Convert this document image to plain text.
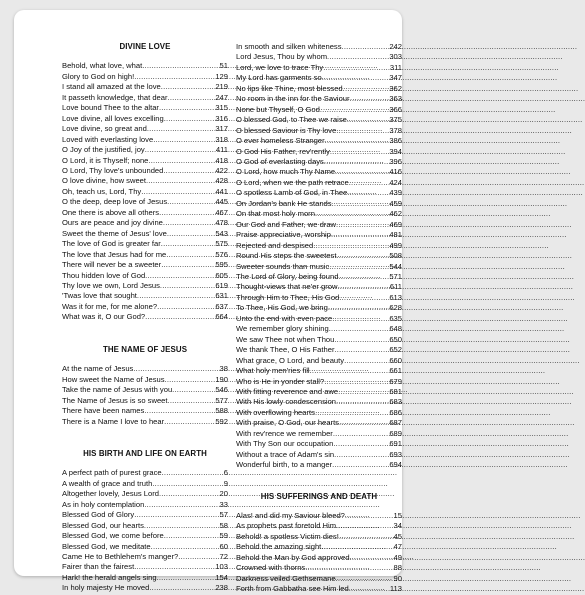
DIVINE LOVE
Behold, what love, what .....	51
Glory to God on high! .....	129
I stand all amazed at the love .....	219
It passeth knowledge, that dear .....	247
Love bound Thee to the altar .....	315
Love divine, all loves excelling .....	316
Love divine, so great and .....	317
Loved with everlasting love .....	318
O Joy of the justified, joy .....	411
O Lord, it is Thyself; none .....	418
O Lord, Thy love's unbounded .....	422
O love divine, how sweet .....	428
Oh, teach us, Lord, Thy .....	441
O the deep, deep love of Jesus .....	445
One there is above all others .....	467
Ours are peace and joy divine .....	478
Sweet the theme of Jesus' love .....	543
The love of God is greater far .....	575
The love that Jesus had for me .....	576
There will never be a sweeter .....	595
Thou hidden love of God .....	605
Thy love we own, Lord Jesus .....	619
'Twas love that sought .....	631
Was it for me, for me alone? .....	637
What was it, O our God? .....	664
THE NAME OF JESUS
At the name of Jesus .....	38
How sweet the Name of Jesus .....	190
Take the name of Jesus with you .....	546
The Name of Jesus is so sweet .....	577
There have been names .....	588
There is a Name I love to hear .....	592
HIS BIRTH AND LIFE ON EARTH
A perfect path of purest grace .....	6
A wealth of grace and truth .....	9
Altogether lovely, Jesus Lord .....	20
As in holy contemplation .....	33
Blessed God of Glory .....	57
Blessed God, our hearts .....	58
Blessed God, we come before .....	59
Blessed God, we meditate .....	60
Came He to Bethlehem's manger? .....	72
Fairer than the fairest .....	103
Hark! the herald angels sing .....	154
In holy majesty He moved .....	238
In smooth and silken whiteness .....	242
Lord Jesus, Thou by whom .....	303
Lord, we love to trace Thy .....	311
My Lord has garments so .....	347
No lips like Thine, most blessed .....	362
No room in the inn for the Saviour .....	363
None but Thyself, O God .....	366
O blessed God, to Thee we raise .....	375
O blessed Saviour is Thy love .....	378
O ever homeless Stranger .....	386
O God His Father, rev'rently .....	394
O God of everlasting days .....	396
O Lord, how much Thy Name .....	416
O Lord, when we the path retrace .....	424
O spotless Lamb of God, in Thee .....	439
On Jordan's bank He stands .....	459
On that most holy morn .....	462
Our God and Father, we draw .....	469
Praise appreciative, worship .....	481
Rejected and despised .....	499
Round His steps the sweetest .....	508
Sweeter sounds than music .....	544
The Lord of Glory, being found .....	571
Thought-views that ne'er grow .....	611
Through Him to Thee, His God .....	613
To Thee, His God, we bring .....	628
Unto the end with even pace .....	635
We remember glory shining .....	648
We saw Thee not when Thou .....	650
We thank Thee, O His Father .....	652
What grace, O Lord, and beauty .....	660
What holy men'ries fill .....	661
Who is He in yonder stall? .....	679
With fitting reverence and awe .....	681
With His lowly condescension .....	683
With overflowing hearts .....	686
With praise, O God, our hearts .....	687
With rev'rence we remember .....	689
With Thy Son our occupation .....	691
Without a trace of Adam's sin .....	693
Wonderful birth, to a manger .....	694
HIS SUFFERINGS AND DEATH
Alas! and did my Saviour bleed? .....	15
As prophets past foretold Him .....	34
Behold! a spotless Victim dies! .....	45
Behold the amazing sight .....	47
Behold the Man by God approved .....	49
Crowned with thorns .....	88
Darkness veiled Gethsemane .....	90
Forth from Gabbatha see Him led .....	113
